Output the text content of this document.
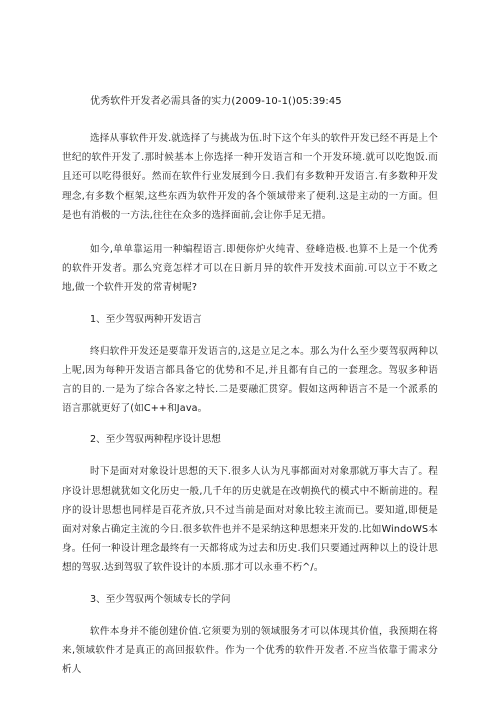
优秀软件开发者必需具备的实力(2009-10-1()05:39:45

选择从事软件开发.就选择了与挑战为伍.时下这个年头的软件开发已经不再是上个世纪的软件开发了.那时候基本上你选择一种开发语言和一个开发环境.就可以吃饱饭.而且还可以吃得很好。然而在软件行业发展到今日.我们有多数种开发语言.有多数种开发理念,有多数个框架,这些东西为软件开发的各个领域带来了便利.这是主动的一方面。但是也有消极的一方法,往往在众多的选择面前,会让你手足无措。

如今,单单靠运用一种编程语言.即便你炉火纯青、登峰造极.也算不上是一个优秀的软件开发者。那么究竟怎样才可以在日新月异的软件开发技术面前.可以立于不败之地,做一个软件开发的常青树呢?

1、至少驾驭两种开发语言

终归软件开发还是要靠开发语言的,这是立足之本。那么为什么至少要驾驭两种以上呢,因为每种开发语言都具备它的优势和不足,并且都有自己的一套理念。驾驭多种语言的目的.一是为了综合各家之特长.二是要融汇贯穿。假如这两种语言不是一个派系的语言那就更好了(如C++和Java。

2、至少驾驭两种程序设计思想

时下是面对对象设计思想的天下.很多人认为凡事都面对对象那就万事大吉了。程序设计思想就犹如文化历史一般,几千年的历史就是在改朝换代的模式中不断前进的。程序的设计思想也同样是百花齐放,只不过当前是面对对象比较主流而已。要知道,即便是面对对象占确定主流的今日.很多软件也并不是采纳这种思想来开发的.比如WindoWS本身。任何一种设计理念最终有一天都将成为过去和历史.我们只要通过两种以上的设计思想的驾驭.达到驾驭了软件设计的本质.那才可以永垂不朽^/。

3、至少驾驭两个领域专长的学问

软件本身并不能创建价值.它须要为别的领域服务才可以体现其价值，我预期在将来,领域软件才是真正的高回报软件。作为一个优秀的软件开发者.不应当依靠于需求分析人
